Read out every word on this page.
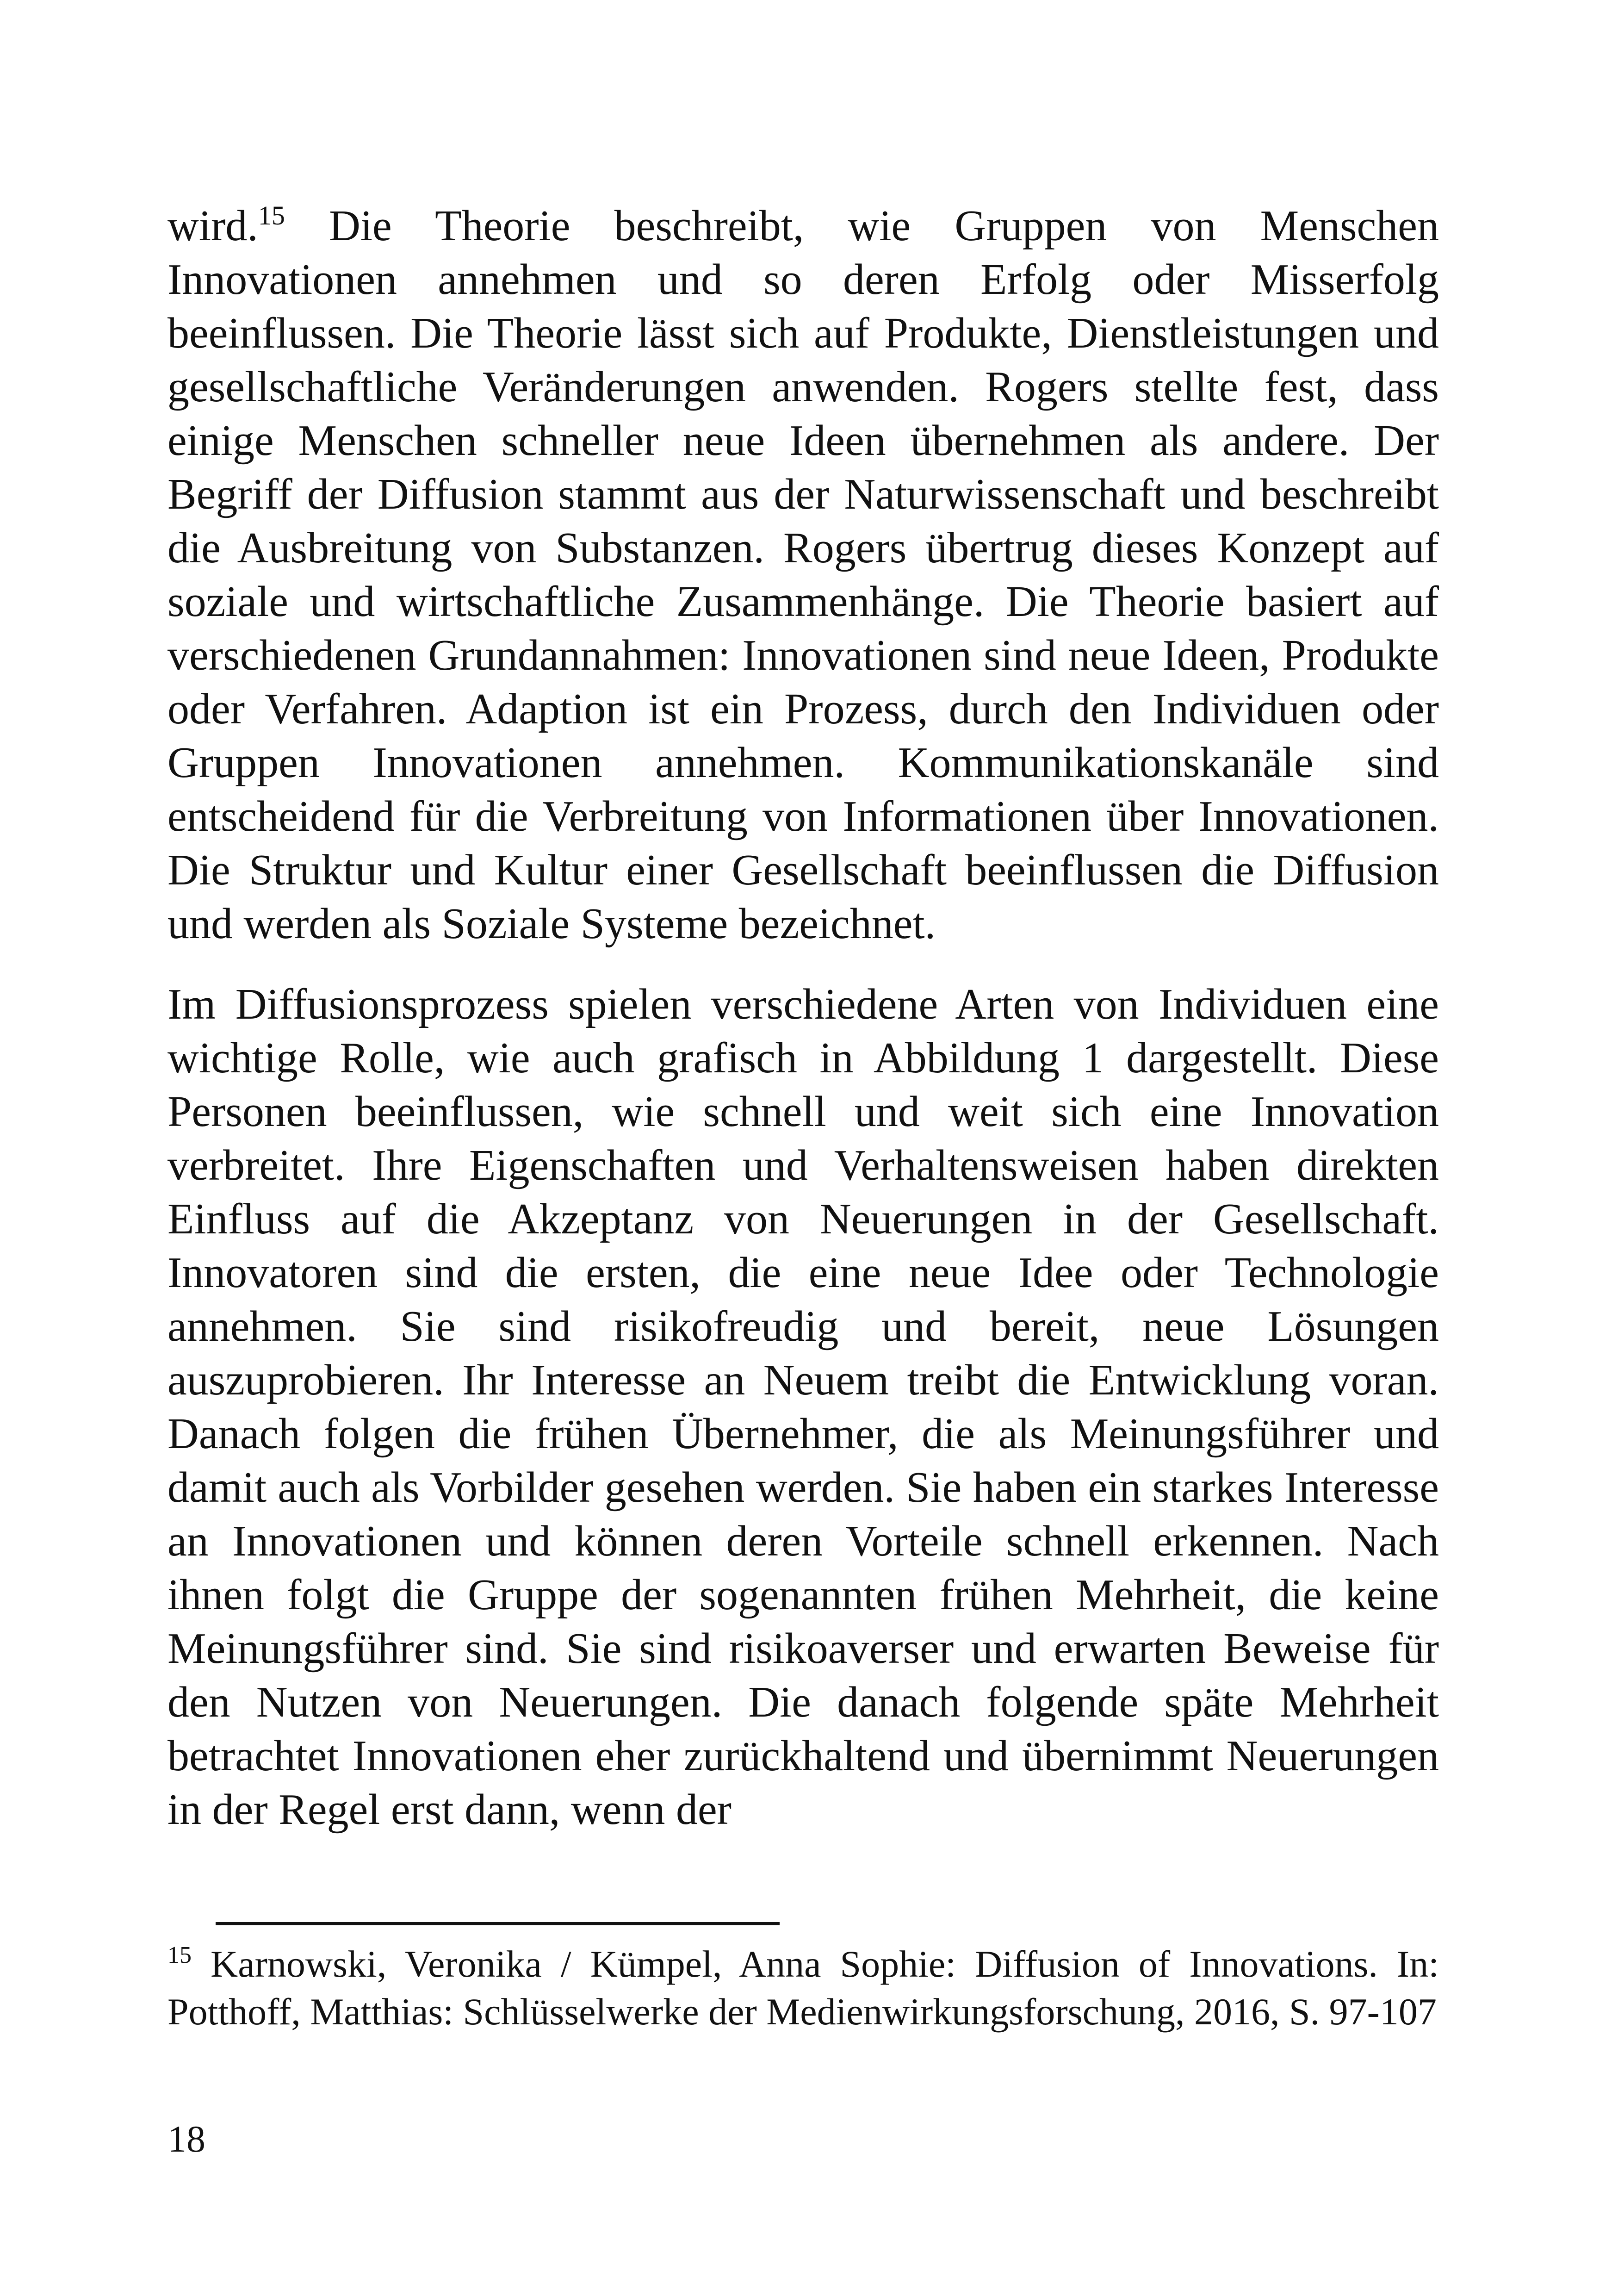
wird.$^{15}$ Die Theorie beschreibt, wie Gruppen von Menschen Innovationen annehmen und so deren Erfolg oder Misserfolg beeinflussen. Die Theorie lässt sich auf Produkte, Dienstleistungen und gesellschaftliche Veränderungen anwenden. Rogers stellte fest, dass einige Menschen schneller neue Ideen übernehmen als andere. Der Begriff der Diffusion stammt aus der Naturwissenschaft und beschreibt die Ausbreitung von Substanzen. Rogers übertrug dieses Konzept auf soziale und wirtschaftliche Zusammenhänge. Die Theorie basiert auf verschiedenen Grundannahmen: Innovationen sind neue Ideen, Produkte oder Verfahren. Adaption ist ein Prozess, durch den Individuen oder Gruppen Innovationen annehmen. Kommunikationskanäle sind entscheidend für die Verbreitung von Informationen über Innovationen. Die Struktur und Kultur einer Gesellschaft beeinflussen die Diffusion und werden als Soziale Systeme bezeichnet.

Im Diffusionsprozess spielen verschiedene Arten von Individuen eine wichtige Rolle, wie auch grafisch in Abbildung 1 dargestellt. Diese Personen beeinflussen, wie schnell und weit sich eine Innovation verbreitet. Ihre Eigenschaften und Verhaltensweisen haben direkten Einfluss auf die Akzeptanz von Neuerungen in der Gesellschaft. Innovatoren sind die ersten, die eine neue Idee oder Technologie annehmen. Sie sind risikofreudig und bereit, neue Lösungen auszuprobieren. Ihr Interesse an Neuem treibt die Entwicklung voran. Danach folgen die frühen Übernehmer, die als Meinungsführer und damit auch als Vorbilder gesehen werden. Sie haben ein starkes Interesse an Innovationen und können deren Vorteile schnell erkennen. Nach ihnen folgt die Gruppe der sogenannten frühen Mehrheit, die keine Meinungsführer sind. Sie sind risikoaverser und erwarten Beweise für den Nutzen von Neuerungen. Die danach folgende späte Mehrheit betrachtet Innovationen eher zurückhaltend und übernimmt Neuerungen in der Regel erst dann, wenn der

$^{15}$ Karnowski, Veronika / Kümpel, Anna Sophie: Diffusion of Innovations. In: Potthoff, Matthias: Schlüsselwerke der Medienwirkungsforschung, 2016, S. 97-107
18
